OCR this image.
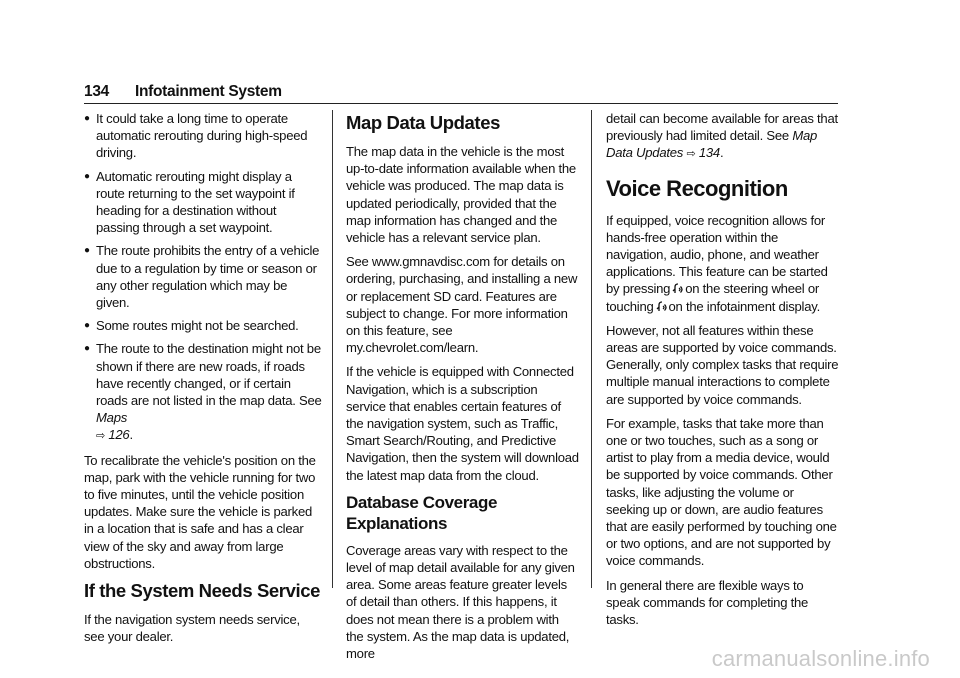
134 Infotainment System
● It could take a long time to operate automatic rerouting during high-speed driving.
● Automatic rerouting might display a route returning to the set waypoint if heading for a destination without passing through a set waypoint.
● The route prohibits the entry of a vehicle due to a regulation by time or season or any other regulation which may be given.
● Some routes might not be searched.
● The route to the destination might not be shown if there are new roads, if roads have recently changed, or if certain roads are not listed in the map data. See Maps
⇨ 126.

To recalibrate the vehicle's position on the map, park with the vehicle running for two to five minutes, until the vehicle position updates. Make sure the vehicle is parked in a location that is safe and has a clear view of the sky and away from large obstructions.

If the System Needs Service

If the navigation system needs service, see your dealer.

Map Data Updates

The map data in the vehicle is the most up-to-date information available when the vehicle was produced. The map data is updated periodically, provided that the map information has changed and the vehicle has a relevant service plan.

See www.gmnavdisc.com for details on ordering, purchasing, and installing a new or replacement SD card. Features are subject to change. For more information on this feature, see my.chevrolet.com/learn.

If the vehicle is equipped with Connected Navigation, which is a subscription service that enables certain features of the navigation system, such as Traffic, Smart Search/Routing, and Predictive Navigation, then the system will download the latest map data from the cloud.

Database Coverage Explanations

Coverage areas vary with respect to the level of map detail available for any given area. Some areas feature greater levels of detail than others. If this happens, it does not mean there is a problem with the system. As the map data is updated, more

detail can become available for areas that previously had limited detail. See Map Data Updates ⇨ 134.

Voice Recognition

If equipped, voice recognition allows for hands-free operation within the navigation, audio, phone, and weather applications. This feature can be started by pressing on the steering wheel or touching on the infotainment display.

However, not all features within these areas are supported by voice commands. Generally, only complex tasks that require multiple manual interactions to complete are supported by voice commands.

For example, tasks that take more than one or two touches, such as a song or artist to play from a media device, would be supported by voice commands. Other tasks, like adjusting the volume or seeking up or down, are audio features that are easily performed by touching one or two options, and are not supported by voice commands.

In general there are flexible ways to speak commands for completing the tasks.

carmanualsonline.info
